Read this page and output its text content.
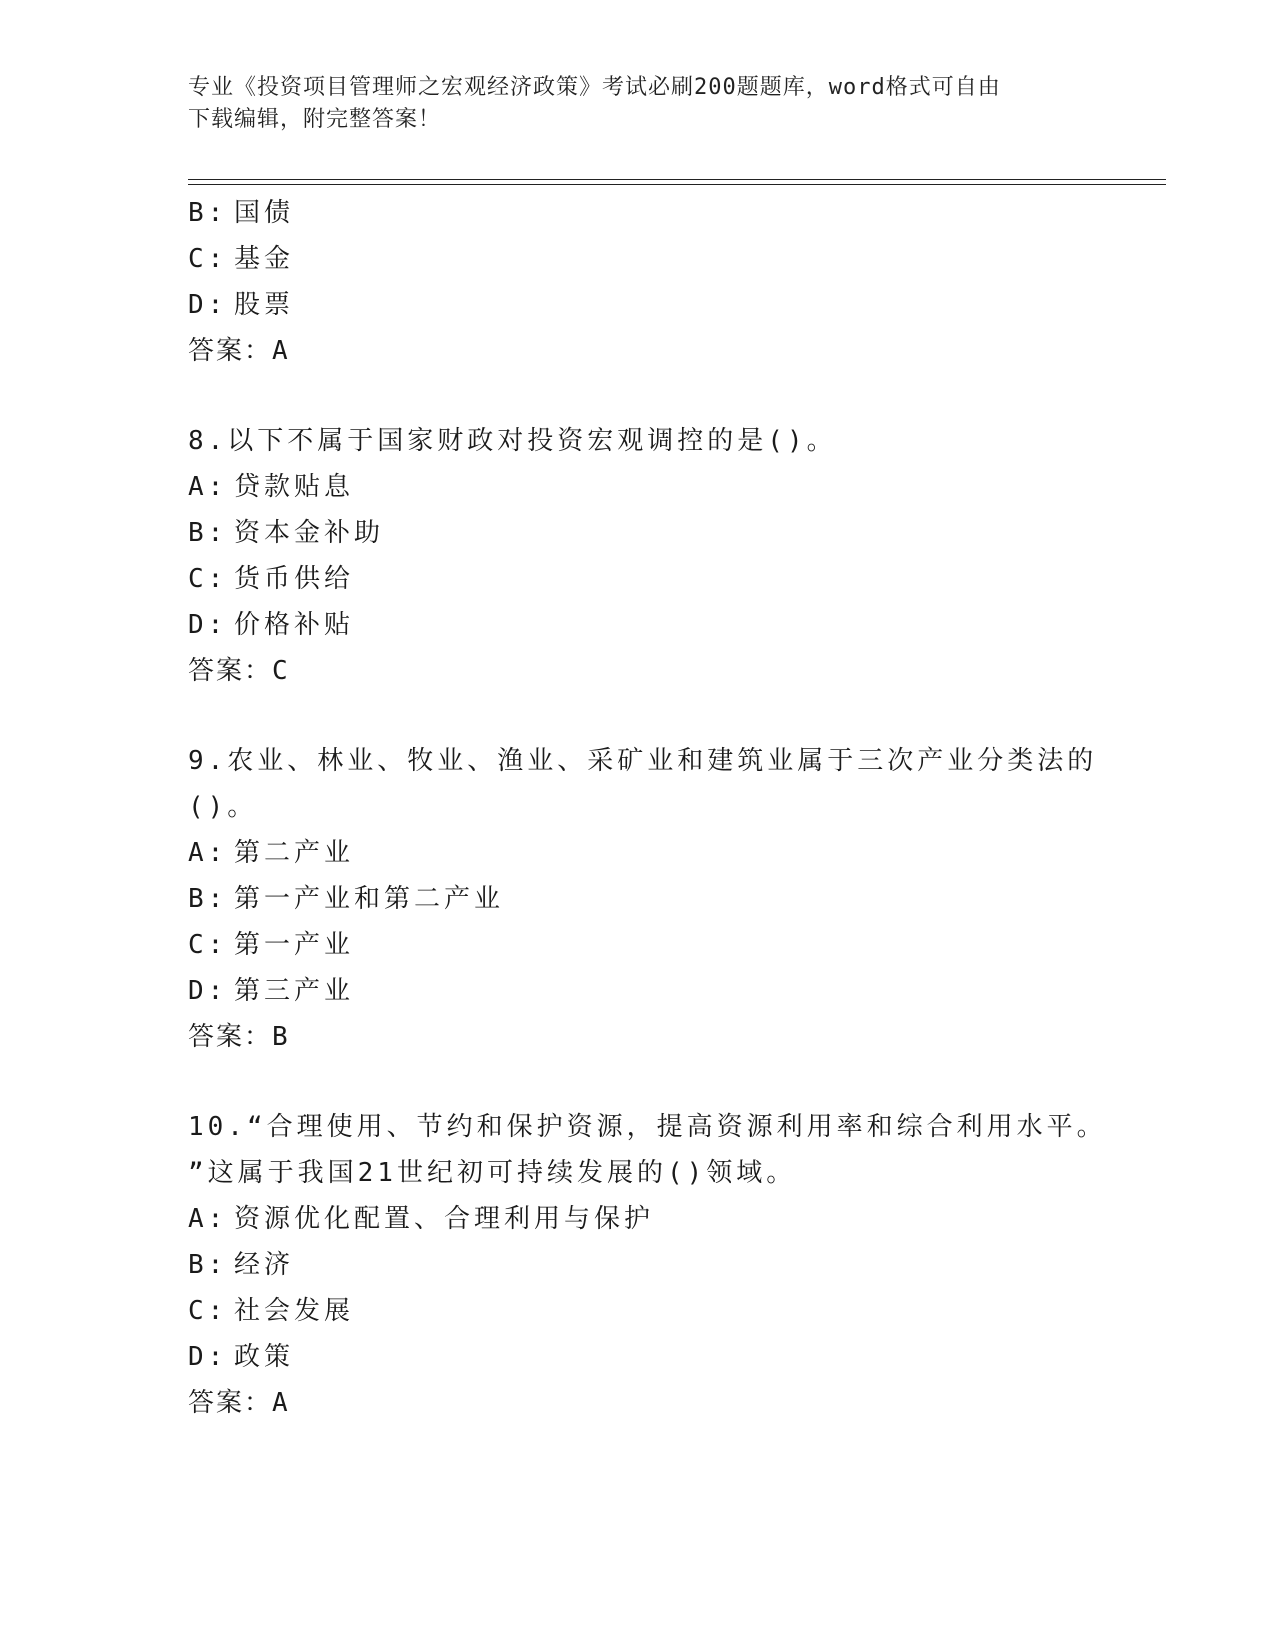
专业《投资项目管理师之宏观经济政策》考试必刷200题题库，word格式可自由
下载编辑，附完整答案！
B: 国债
C: 基金
D: 股票
答案：A
8.以下不属于国家财政对投资宏观调控的是()。
A: 贷款贴息
B: 资本金补助
C: 货币供给
D: 价格补贴
答案：C
9.农业、林业、牧业、渔业、采矿业和建筑业属于三次产业分类法的
()。
A: 第二产业
B: 第一产业和第二产业
C: 第一产业
D: 第三产业
答案：B
10.“合理使用、节约和保护资源，提高资源利用率和综合利用水平。
”这属于我国21世纪初可持续发展的()领域。
A: 资源优化配置、合理利用与保护
B: 经济
C: 社会发展
D: 政策
答案：A
